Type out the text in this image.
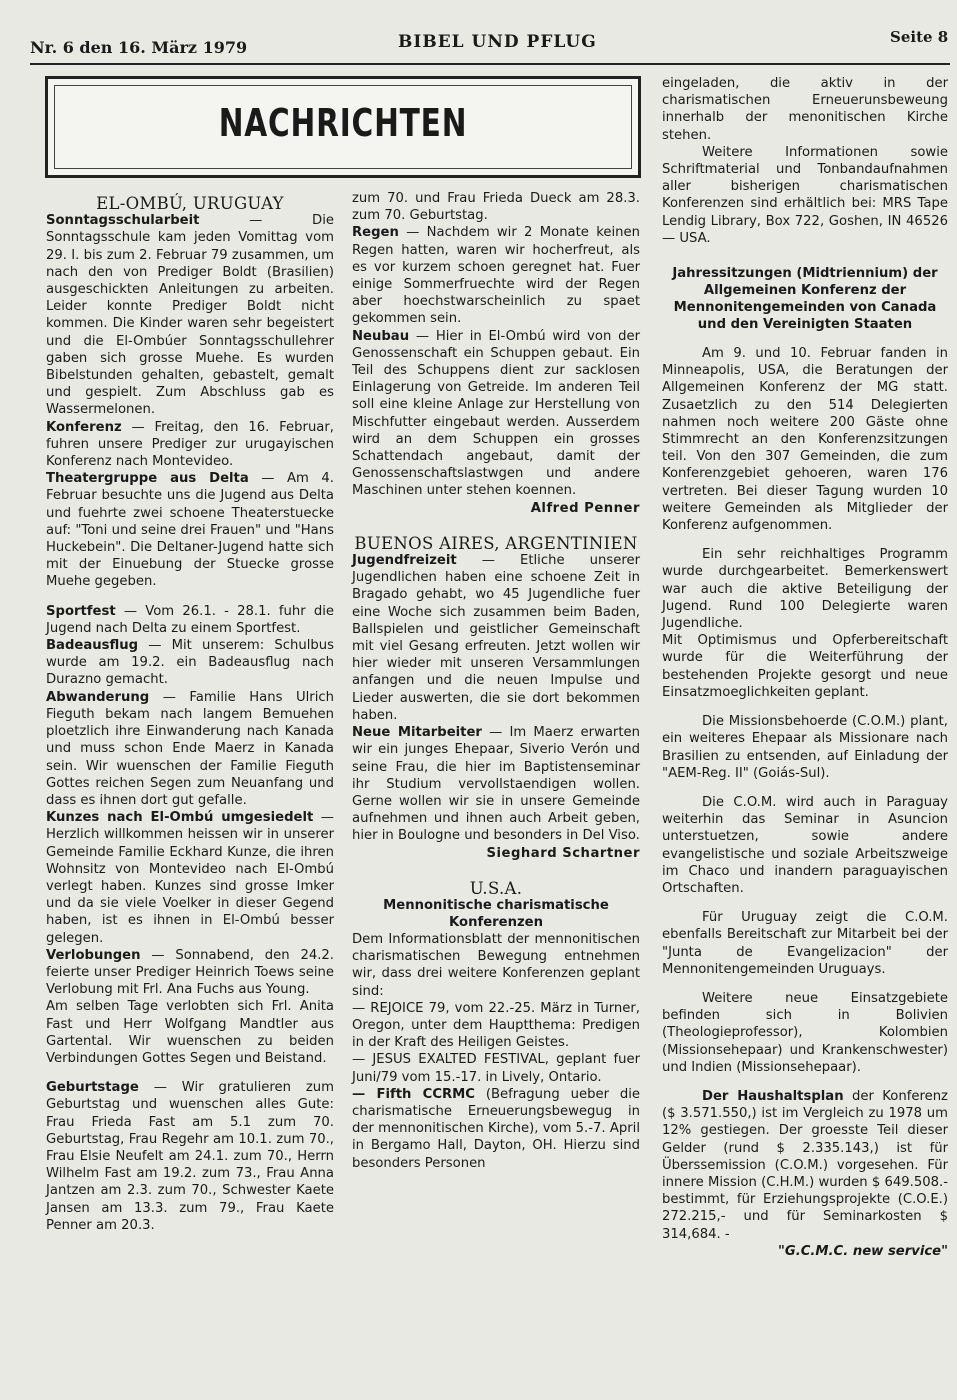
Nr. 6 den 16. März 1979	BIBEL UND PFLUG	Seite 8
NACHRICHTEN

EL-OMBÚ, URUGUAY

Sonntagsschularbeit — Die Sonntagsschule kam jeden Vomittag vom 29. I. bis zum 2. Februar 79 zusammen, um nach den von Prediger Boldt (Brasilien) ausgeschickten Anleitungen zu arbeiten. Leider konnte Prediger Boldt nicht kommen. Die Kinder waren sehr begeistert und die El-Ombúer Sonntagsschullehrer gaben sich grosse Muehe. Es wurden Bibelstunden gehalten, gebastelt, gemalt und gespielt. Zum Abschluss gab es Wassermelonen.

Konferenz — Freitag, den 16. Februar, fuhren unsere Prediger zur urugayischen Konferenz nach Montevideo.

Theatergruppe aus Delta — Am 4. Februar besuchte uns die Jugend aus Delta und fuehrte zwei schoene Theaterstuecke auf: "Toni und seine drei Frauen" und "Hans Huckebein". Die Deltaner-Jugend hatte sich mit der Einuebung der Stuecke grosse Muehe gegeben.

Sportfest — Vom 26.1. - 28.1. fuhr die Jugend nach Delta zu einem Sportfest.

Badeausflug — Mit unserem: Schulbus wurde am 19.2. ein Badeausflug nach Durazno gemacht.

Abwanderung — Familie Hans Ulrich Fieguth bekam nach langem Bemuehen ploetzlich ihre Einwanderung nach Kanada und muss schon Ende Maerz in Kanada sein. Wir wuenschen der Familie Fieguth Gottes reichen Segen zum Neuanfang und dass es ihnen dort gut gefalle.

Kunzes nach El-Ombú umgesiedelt — Herzlich willkommen heissen wir in unserer Gemeinde Familie Eckhard Kunze, die ihren Wohnsitz von Montevideo nach El-Ombú verlegt haben. Kunzes sind grosse Imker und da sie viele Voelker in dieser Gegend haben, ist es ihnen in El-Ombú besser gelegen.

Verlobungen — Sonnabend, den 24.2. feierte unser Prediger Heinrich Toews seine Verlobung mit Frl. Ana Fuchs aus Young.

Am selben Tage verlobten sich Frl. Anita Fast und Herr Wolfgang Mandtler aus Gartental. Wir wuenschen zu beiden Verbindungen Gottes Segen und Beistand.

Geburtstage — Wir gratulieren zum Geburtstag und wuenschen alles Gute: Frau Frieda Fast am 5.1 zum 70. Geburtstag, Frau Regehr am 10.1. zum 70., Frau Elsie Neufelt am 24.1. zum 70., Herrn Wilhelm Fast am 19.2. zum 73., Frau Anna Jantzen am 2.3. zum 70., Schwester Kaete Jansen am 13.3. zum 79., Frau Kaete Penner am 20.3.

zum 70. und Frau Frieda Dueck am 28.3. zum 70. Geburtstag.

Regen — Nachdem wir 2 Monate keinen Regen hatten, waren wir hocherfreut, als es vor kurzem schoen geregnet hat. Fuer einige Sommerfruechte wird der Regen aber hoechstwarscheinlich zu spaet gekommen sein.

Neubau — Hier in El-Ombú wird von der Genossenschaft ein Schuppen gebaut. Ein Teil des Schuppens dient zur sacklosen Einlagerung von Getreide. Im anderen Teil soll eine kleine Anlage zur Herstellung von Mischfutter eingebaut werden. Ausserdem wird an dem Schuppen ein grosses Schattendach angebaut, damit der Genossenschaftslastwgen und andere Maschinen unter stehen koennen.

Alfred Penner

BUENOS AIRES, ARGENTINIEN

Jugendfreizeit — Etliche unserer Jugendlichen haben eine schoene Zeit in Bragado gehabt, wo 45 Jugendliche fuer eine Woche sich zusammen beim Baden, Ballspielen und geistlicher Gemeinschaft mit viel Gesang erfreuten. Jetzt wollen wir hier wieder mit unseren Versammlungen anfangen und die neuen Impulse und Lieder auswerten, die sie dort bekommen haben.

Neue Mitarbeiter — Im Maerz erwarten wir ein junges Ehepaar, Siverio Verón und seine Frau, die hier im Baptistenseminar ihr Studium vervollstaendigen wollen. Gerne wollen wir sie in unsere Gemeinde aufnehmen und ihnen auch Arbeit geben, hier in Boulogne und besonders in Del Viso.

Sieghard Schartner

U.S.A.

Mennonitische charismatische Konferenzen

Dem Informationsblatt der mennonitischen charismatischen Bewegung entnehmen wir, dass drei weitere Konferenzen geplant sind:

— REJOICE 79, vom 22.-25. März in Turner, Oregon, unter dem Hauptthema: Predigen in der Kraft des Heiligen Geistes.

— JESUS EXALTED FESTIVAL, geplant fuer Juni/79 vom 15.-17. in Lively, Ontario.

— Fifth CCRMC (Befragung ueber die charismatische Erneuerungsbewegug in der mennonitischen Kirche), vom 5.-7. April in Bergamo Hall, Dayton, OH. Hierzu sind besonders Personen

eingeladen, die aktiv in der charismatischen Erneuerunsbeweung innerhalb der menonitischen Kirche stehen.

Weitere Informationen sowie Schriftmaterial und Tonbandaufnahmen aller bisherigen charismatischen Konferenzen sind erhältlich bei: MRS Tape Lendig Library, Box 722, Goshen, IN 46526 — USA.

Jahressitzungen (Midtriennium) der Allgemeinen Konferenz der Mennonitengemeinden von Canada und den Vereinigten Staaten

Am 9. und 10. Februar fanden in Minneapolis, USA, die Beratungen der Allgemeinen Konferenz der MG statt. Zusaetzlich zu den 514 Delegierten nahmen noch weitere 200 Gäste ohne Stimmrecht an den Konferenzsitzungen teil. Von den 307 Gemeinden, die zum Konferenzgebiet gehoeren, waren 176 vertreten. Bei dieser Tagung wurden 10 weitere Gemeinden als Mitglieder der Konferenz aufgenommen.

Ein sehr reichhaltiges Programm wurde durchgearbeitet. Bemerkenswert war auch die aktive Beteiligung der Jugend. Rund 100 Delegierte waren Jugendliche.

Mit Optimismus und Opferbereitschaft wurde für die Weiterführung der bestehenden Projekte gesorgt und neue Einsatzmoeglichkeiten geplant.

Die Missionsbehoerde (C.O.M.) plant, ein weiteres Ehepaar als Missionare nach Brasilien zu entsenden, auf Einladung der "AEM-Reg. II" (Goiás-Sul).

Die C.O.M. wird auch in Paraguay weiterhin das Seminar in Asuncion unterstuetzen, sowie andere evangelistische und soziale Arbeitszweige im Chaco und inandern paraguayischen Ortschaften.

Für Uruguay zeigt die C.O.M. ebenfalls Bereitschaft zur Mitarbeit bei der "Junta de Evangelizacion" der Mennonitengemeinden Uruguays.

Weitere neue Einsatzgebiete befinden sich in Bolivien (Theologieprofessor), Kolombien (Missionsehepaar) und Krankenschwester) und Indien (Missionsehepaar).

Der Haushaltsplan der Konferenz ($ 3.571.550,) ist im Vergleich zu 1978 um 12% gestiegen. Der groesste Teil dieser Gelder (rund $ 2.335.143,) ist für Überssemission (C.O.M.) vorgesehen. Für innere Mission (C.H.M.) wurden $ 649.508.- bestimmt, für Erziehungsprojekte (C.O.E.) 272.215,- und für Seminarkosten $ 314,684. -

"G.C.M.C. new service"
